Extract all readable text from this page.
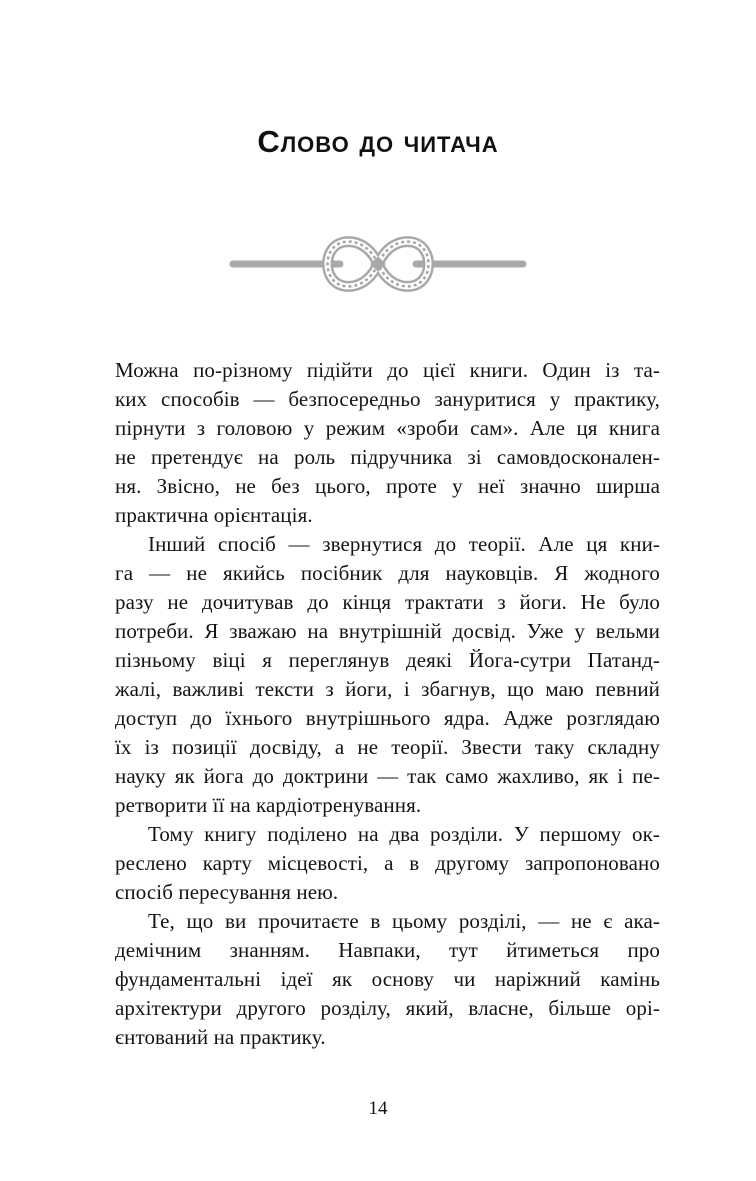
Слово до читача
Можна по-різному підійти до цієї книги. Один із та-
ких способів — безпосередньо зануритися у практику,
пірнути з головою у режим «зроби сам». Але ця книга
не претендує на роль підручника зі самовдосконален-
ня. Звісно, не без цього, проте у неї значно ширша
практична орієнтація.
Інший спосіб — звернутися до теорії. Але ця кни-
га — не якийсь посібник для науковців. Я жодного
разу не дочитував до кінця трактати з йоги. Не було
потреби. Я зважаю на внутрішній досвід. Уже у вельми
пізньому віці я переглянув деякі Йога-сутри Патанд-
жалі, важливі тексти з йоги, і збагнув, що маю певний
доступ до їхнього внутрішнього ядра. Адже розглядаю
їх із позиції досвіду, а не теорії. Звести таку складну
науку як йога до доктрини — так само жахливо, як і пе-
ретворити її на кардіотренування.
Тому книгу поділено на два розділи. У першому ок-
реслено карту місцевості, а в другому запропоновано
спосіб пересування нею.
Те, що ви прочитаєте в цьому розділі, — не є ака-
демічним знанням. Навпаки, тут йтиметься про
фундаментальні ідеї як основу чи наріжний камінь
архітектури другого розділу, який, власне, більше орі-
єнтований на практику.
14
